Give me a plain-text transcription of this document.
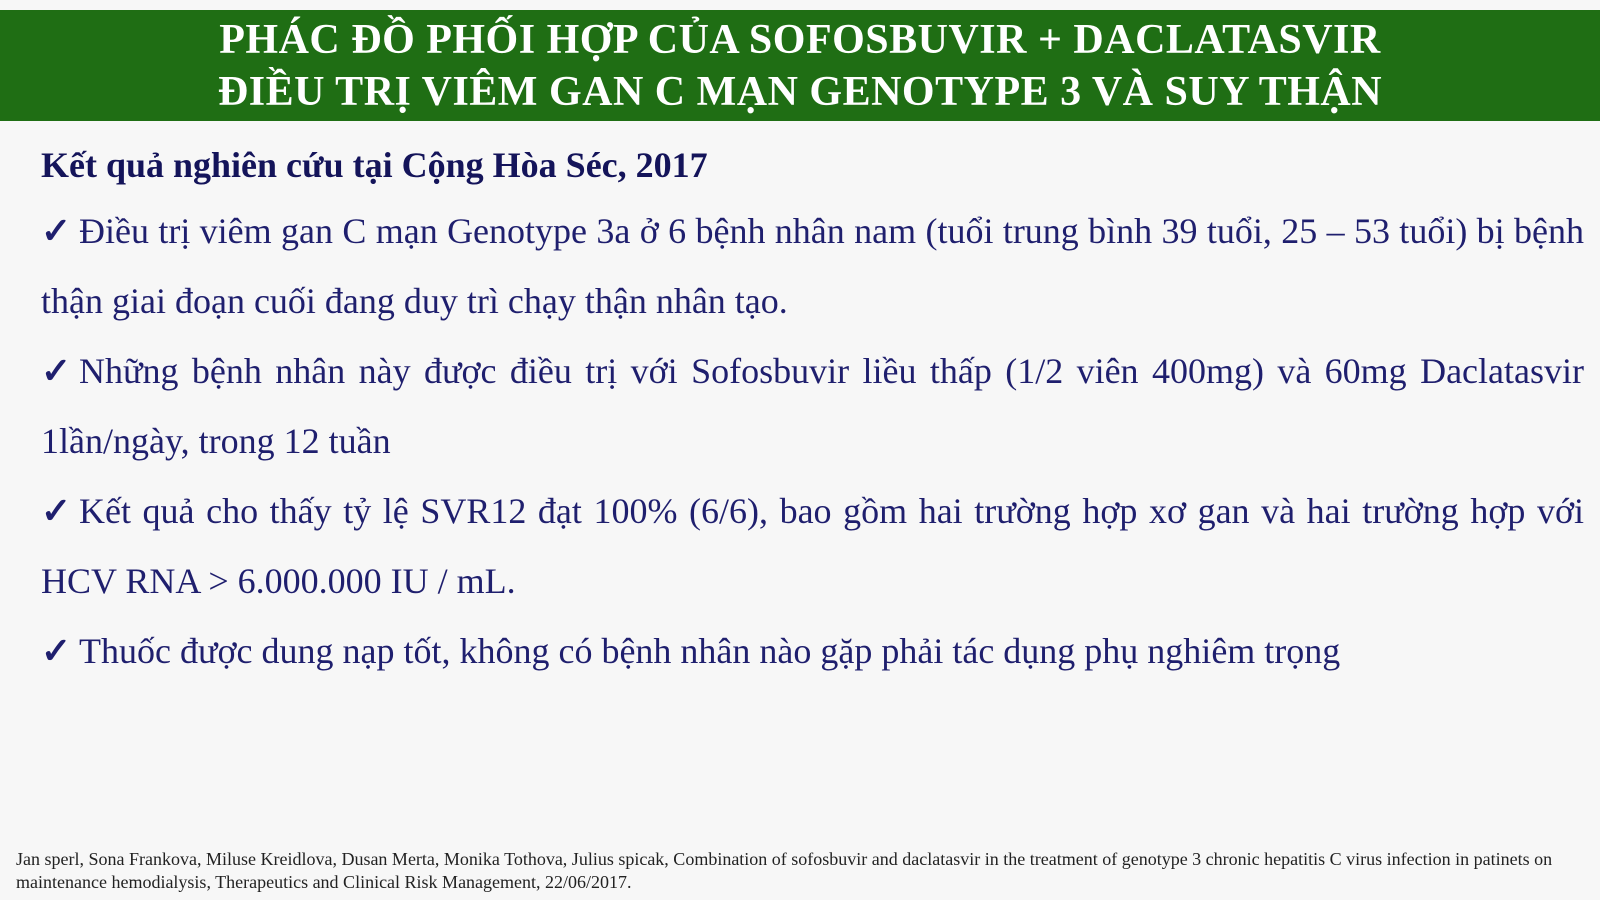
PHÁC ĐỒ PHỐI HỢP CỦA SOFOSBUVIR + DACLATASVIR
ĐIỀU TRỊ VIÊM GAN C MẠN GENOTYPE 3 VÀ SUY THẬN

Kết quả nghiên cứu tại Cộng Hòa Séc, 2017

✓ Điều trị viêm gan C mạn Genotype 3a ở 6 bệnh nhân nam (tuổi trung bình 39 tuổi, 25 – 53 tuổi) bị bệnh thận giai đoạn cuối đang duy trì chạy thận nhân tạo.

✓ Những bệnh nhân này được điều trị với Sofosbuvir liều thấp (1/2 viên 400mg) và 60mg Daclatasvir 1lần/ngày, trong 12 tuần

✓ Kết quả cho thấy tỷ lệ SVR12 đạt 100% (6/6), bao gồm hai trường hợp xơ gan và hai trường hợp với HCV RNA > 6.000.000 IU / mL.

✓ Thuốc được dung nạp tốt, không có bệnh nhân nào gặp phải tác dụng phụ nghiêm trọng

Jan sperl, Sona Frankova, Miluse Kreidlova, Dusan Merta, Monika Tothova, Julius spicak, Combination of sofosbuvir and daclatasvir in the treatment of genotype 3 chronic hepatitis C virus infection in patinets on maintenance hemodialysis, Therapeutics and Clinical Risk Management, 22/06/2017.
